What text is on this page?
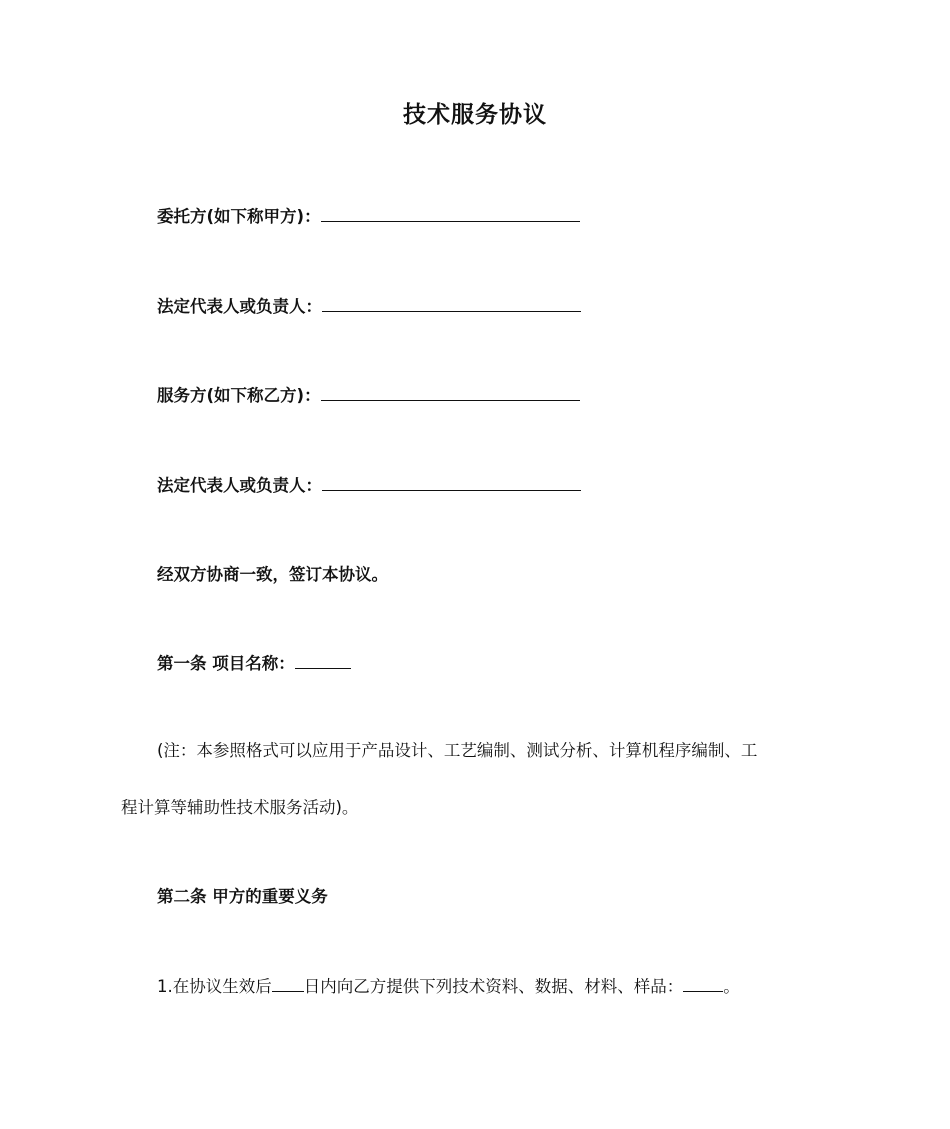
技术服务协议
委托方(如下称甲方)：
法定代表人或负责人：
服务方(如下称乙方)：
法定代表人或负责人：
经双方协商一致，签订本协议。
第一条 项目名称：
(注：本参照格式可以应用于产品设计、工艺编制、测试分析、计算机程序编制、工
程计算等辅助性技术服务活动)。
第二条 甲方的重要义务
1.在协议生效后 日内向乙方提供下列技术资料、数据、材料、样品： 。
